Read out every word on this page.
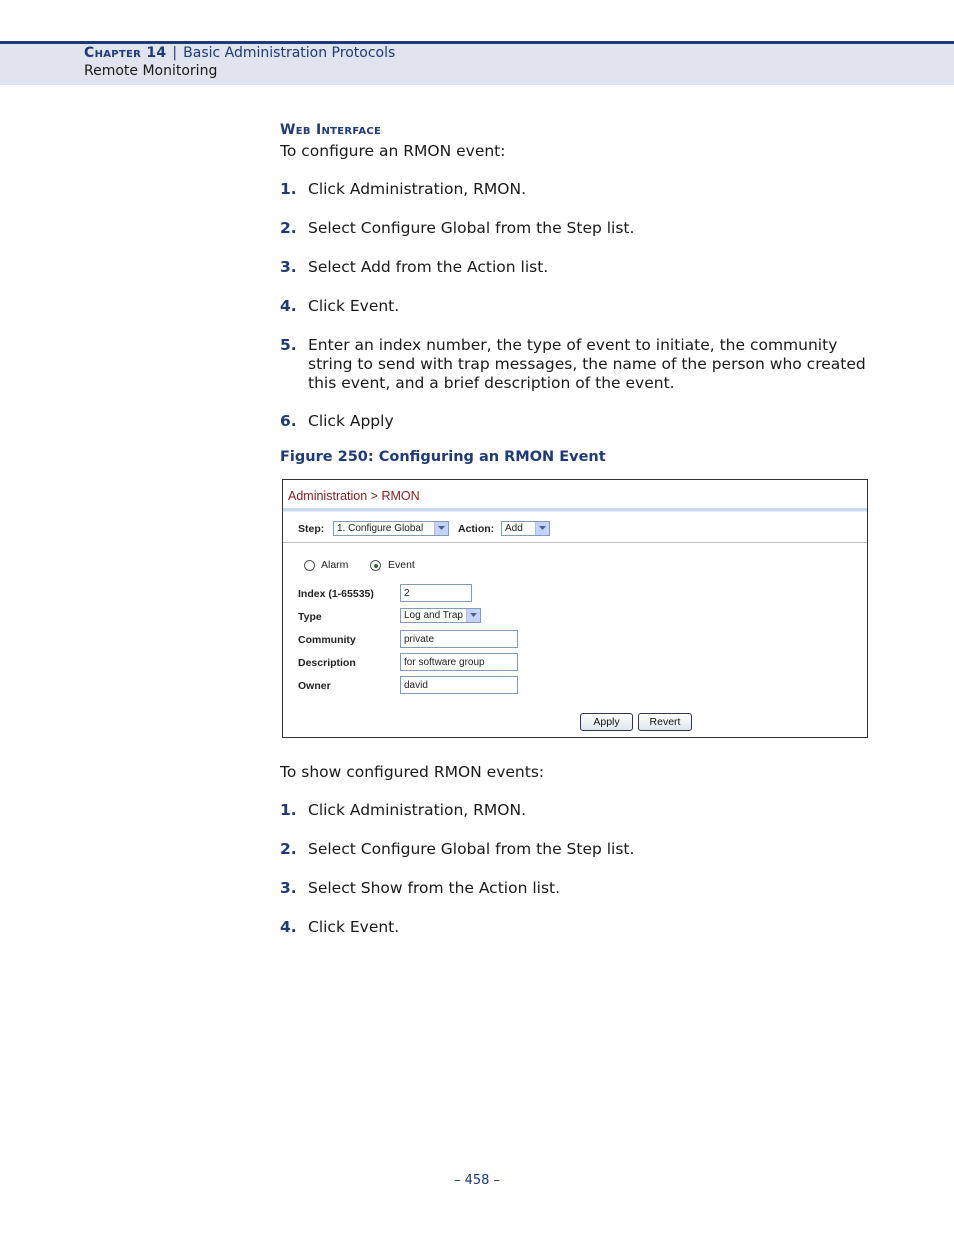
Chapter 14 | Basic Administration Protocols
Remote Monitoring
Web Interface
To configure an RMON event:
1. Click Administration, RMON.
2. Select Configure Global from the Step list.
3. Select Add from the Action list.
4. Click Event.
5. Enter an index number, the type of event to initiate, the community string to send with trap messages, the name of the person who created this event, and a brief description of the event.
6. Click Apply
Figure 250: Configuring an RMON Event
Administration > RMON
Step: 1. Configure Global	Action: Add
Alarm	Event
Index (1-65535)	2
Type	Log and Trap
Community	private
Description	for software group
Owner	david
Apply	Revert
To show configured RMON events:
1. Click Administration, RMON.
2. Select Configure Global from the Step list.
3. Select Show from the Action list.
4. Click Event.
– 458 –
